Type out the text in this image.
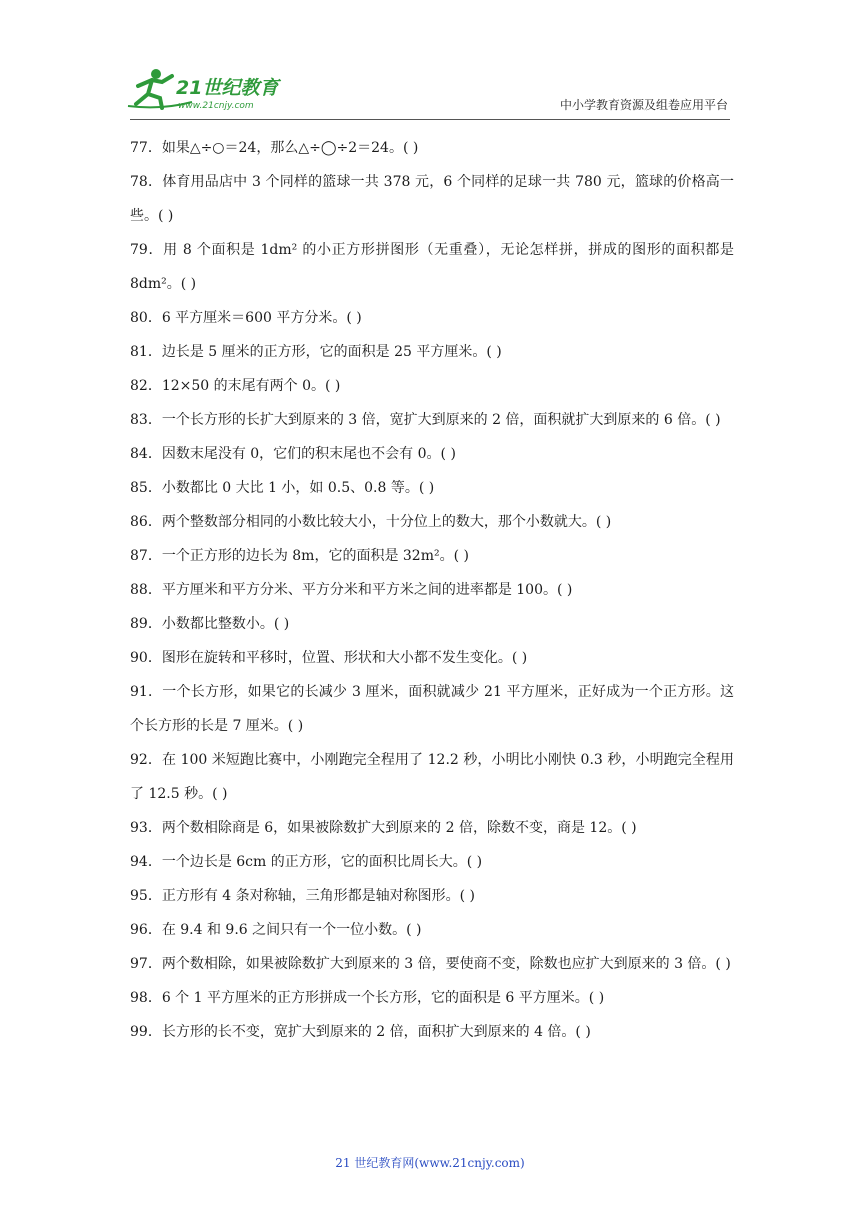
21世纪教育
www.21cnjy.com	中小学教育资源及组卷应用平台

77．如果△÷○＝24，那么△÷◯÷2＝24。( )

78．体育用品店中 3 个同样的篮球一共 378 元，6 个同样的足球一共 780 元，篮球的价格高一些。( )

79．用 8 个面积是 1dm² 的小正方形拼图形（无重叠），无论怎样拼，拼成的图形的面积都是 8dm²。( )

80．6 平方厘米＝600 平方分米。( )

81．边长是 5 厘米的正方形，它的面积是 25 平方厘米。( )

82．12×50 的末尾有两个 0。( )

83．一个长方形的长扩大到原来的 3 倍，宽扩大到原来的 2 倍，面积就扩大到原来的 6 倍。( )

84．因数末尾没有 0，它们的积末尾也不会有 0。( )

85．小数都比 0 大比 1 小，如 0.5、0.8 等。( )

86．两个整数部分相同的小数比较大小，十分位上的数大，那个小数就大。( )

87．一个正方形的边长为 8m，它的面积是 32m²。( )

88．平方厘米和平方分米、平方分米和平方米之间的进率都是 100。( )

89．小数都比整数小。( )

90．图形在旋转和平移时，位置、形状和大小都不发生变化。( )

91．一个长方形，如果它的长减少 3 厘米，面积就减少 21 平方厘米，正好成为一个正方形。这个长方形的长是 7 厘米。( )

92．在 100 米短跑比赛中，小刚跑完全程用了 12.2 秒，小明比小刚快 0.3 秒，小明跑完全程用了 12.5 秒。( )

93．两个数相除商是 6，如果被除数扩大到原来的 2 倍，除数不变，商是 12。( )

94．一个边长是 6cm 的正方形，它的面积比周长大。( )

95．正方形有 4 条对称轴，三角形都是轴对称图形。( )

96．在 9.4 和 9.6 之间只有一个一位小数。( )

97．两个数相除，如果被除数扩大到原来的 3 倍，要使商不变，除数也应扩大到原来的 3 倍。( )

98．6 个 1 平方厘米的正方形拼成一个长方形，它的面积是 6 平方厘米。( )

99．长方形的长不变，宽扩大到原来的 2 倍，面积扩大到原来的 4 倍。( )

21 世纪教育网(www.21cnjy.com)
